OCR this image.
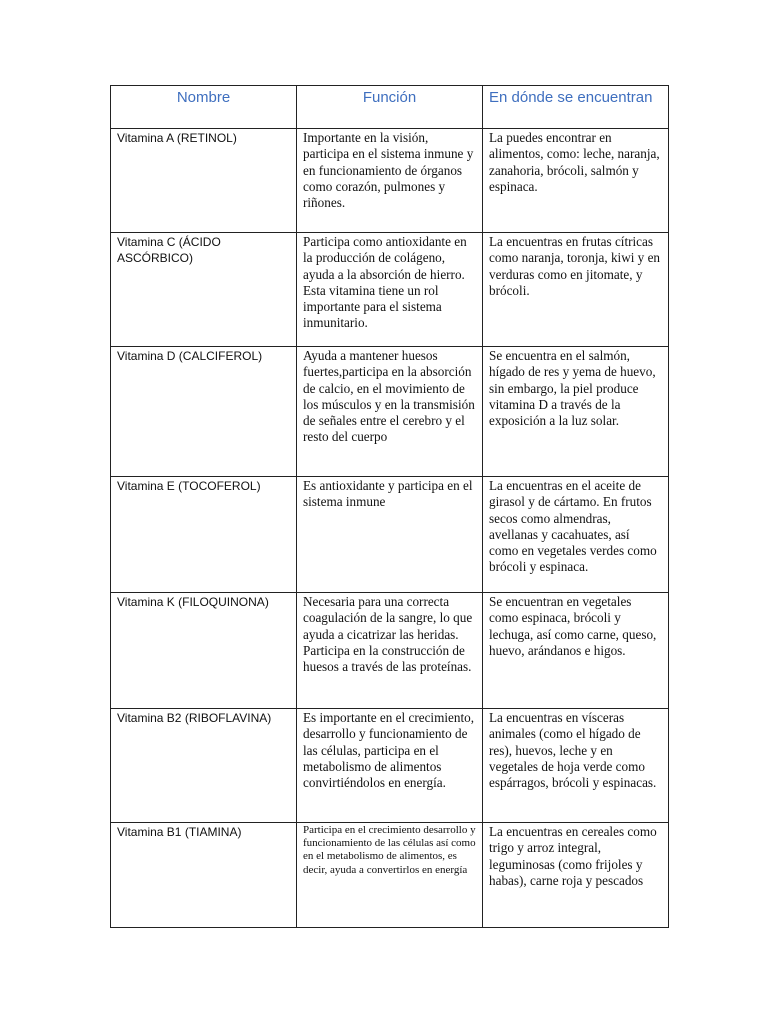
Nombre	Función	En dónde se encuentran
Vitamina A (RETINOL)	Importante en la visión, participa en el sistema inmune y en funcionamiento de órganos como corazón, pulmones y riñones.	La puedes encontrar en alimentos, como: leche, naranja, zanahoria, brócoli, salmón y espinaca.
Vitamina C (ÁCIDO ASCÓRBICO)	Participa como antioxidante en la producción de colágeno, ayuda a la absorción de hierro. Esta vitamina tiene un rol importante para el sistema inmunitario.	La encuentras en frutas cítricas como naranja, toronja, kiwi y en verduras como en jitomate, y brócoli.
Vitamina D (CALCIFEROL)	Ayuda a mantener huesos fuertes,participa en la absorción de calcio, en el movimiento de los músculos y en la transmisión de señales entre el cerebro y el resto del cuerpo	Se encuentra en el salmón, hígado de res y yema de huevo, sin embargo, la piel produce vitamina D a través de la exposición a la luz solar.
Vitamina E (TOCOFEROL)	Es antioxidante y participa en el sistema inmune	La encuentras en el aceite de girasol y de cártamo. En frutos secos como almendras, avellanas y cacahuates, así como en vegetales verdes como brócoli y espinaca.
Vitamina K (FILOQUINONA)	Necesaria para una correcta coagulación de la sangre, lo que ayuda a cicatrizar las heridas. Participa en la construcción de huesos a través de las proteínas.	Se encuentran en vegetales como espinaca, brócoli y lechuga, así como carne, queso, huevo, arándanos e higos.
Vitamina B2 (RIBOFLAVINA)	Es importante en el crecimiento, desarrollo y funcionamiento de las células, participa en el metabolismo de alimentos convirtiéndolos en energía.	La encuentras en vísceras animales (como el hígado de res), huevos, leche y en vegetales de hoja verde como espárragos, brócoli y espinacas.
Vitamina B1 (TIAMINA)	Participa en el crecimiento desarrollo y funcionamiento de las células así como en el metabolismo de alimentos, es decir, ayuda a convertirlos en energía	La encuentras en cereales como trigo y arroz integral, leguminosas (como frijoles y habas), carne roja y pescados
